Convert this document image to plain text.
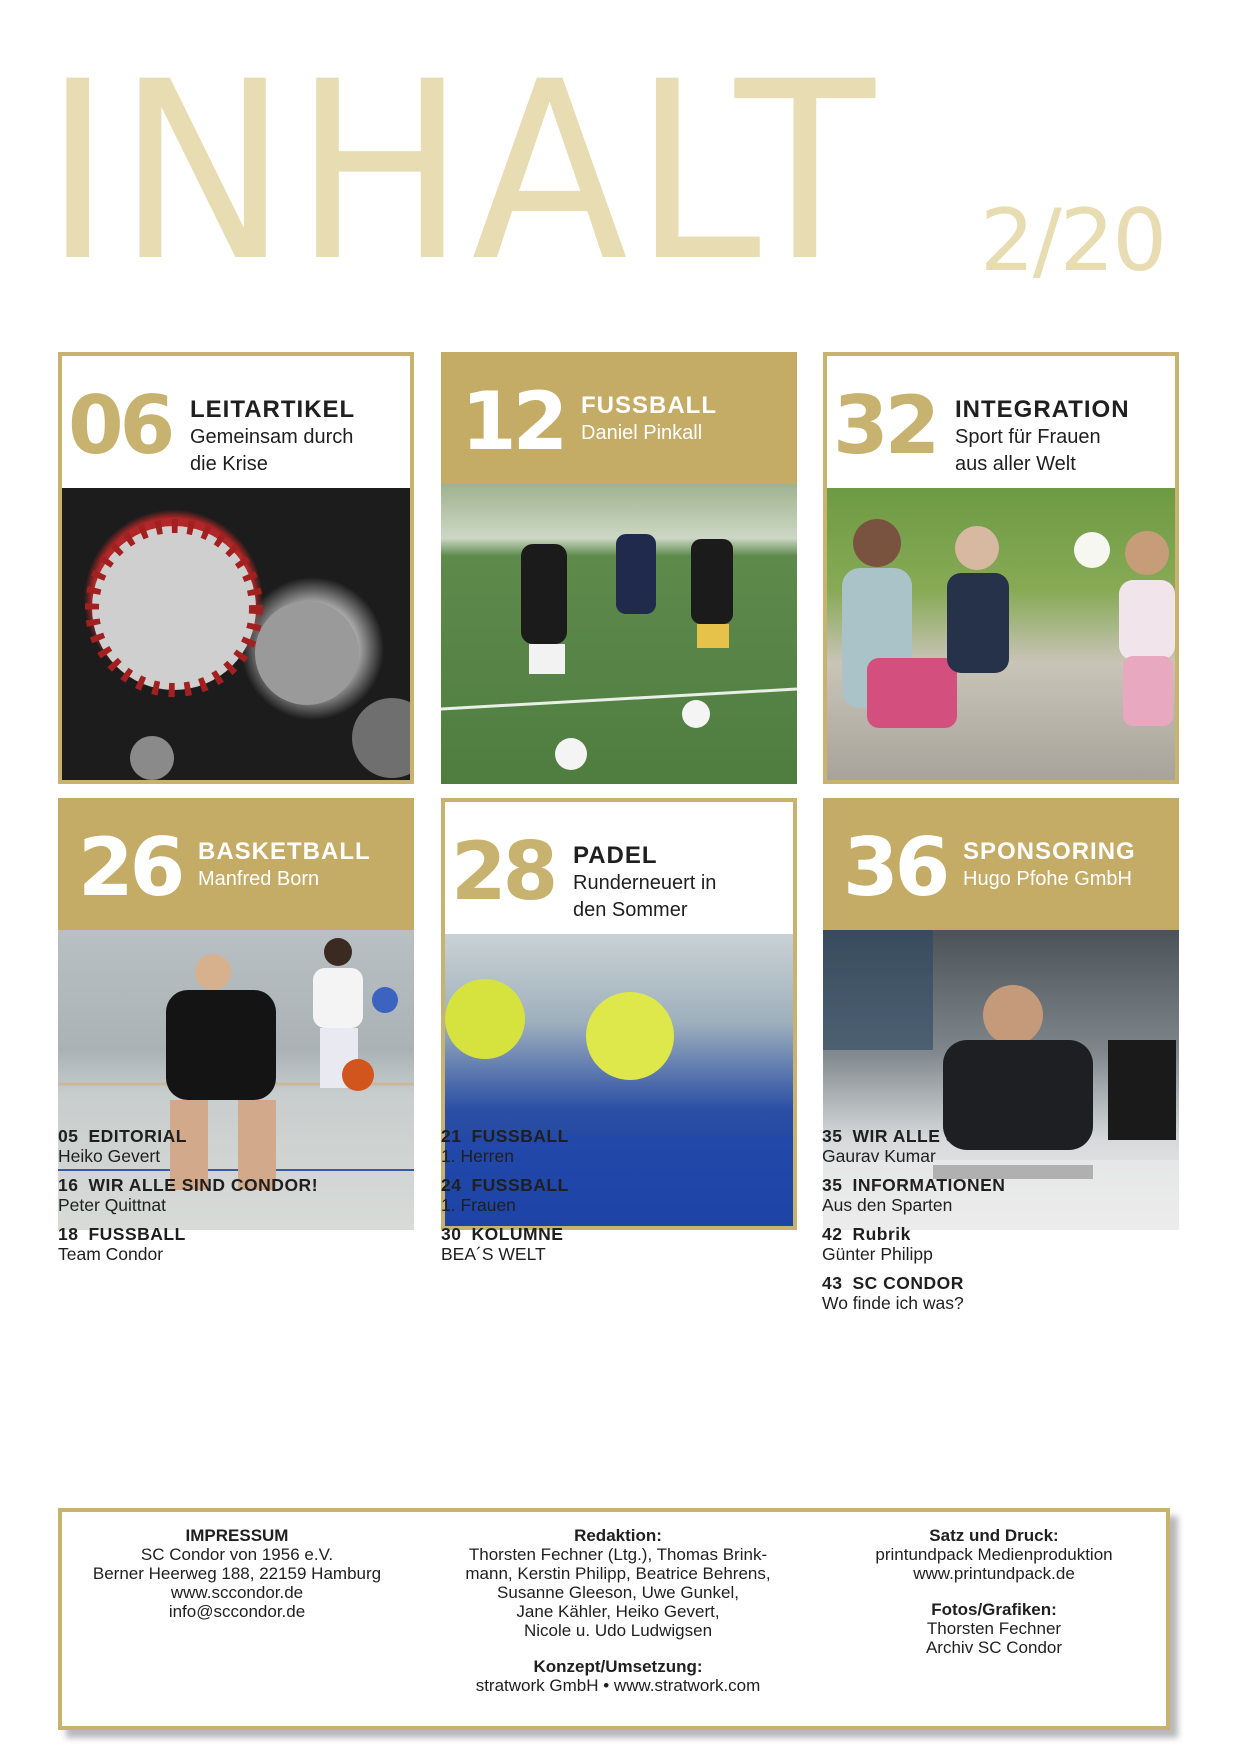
INHALT 2/20
06 LEITARTIKEL
Gemeinsam durch
die Krise	12 FUSSBALL
Daniel Pinkall	32 INTEGRATION
Sport für Frauen
aus aller Welt
26 BASKETBALL
Manfred Born	28 PADEL
Runderneuert in
den Sommer	36 SPONSORING
Hugo Pfohe GmbH
05 EDITORIAL
Heiko Gevert
16 WIR ALLE SIND CONDOR!
Peter Quittnat
18 FUSSBALL
Team Condor
21 FUSSBALL
1. Herren
24 FUSSBALL
1. Frauen
30 KOLUMNE
BEA´S WELT
35 WIR ALLE SIND CONDOR!
Gaurav Kumar
35 INFORMATIONEN
Aus den Sparten
42 Rubrik
Günter Philipp
43 SC CONDOR
Wo finde ich was?
IMPRESSUM
SC Condor von 1956 e.V.
Berner Heerweg 188, 22159 Hamburg
www.sccondor.de
info@sccondor.de
Redaktion:
Thorsten Fechner (Ltg.), Thomas Brink-
mann, Kerstin Philipp, Beatrice Behrens,
Susanne Gleeson, Uwe Gunkel,
Jane Kähler, Heiko Gevert,
Nicole u. Udo Ludwigsen
Konzept/Umsetzung:
stratwork GmbH • www.stratwork.com
Satz und Druck:
printundpack Medienproduktion
www.printundpack.de
Fotos/Grafiken:
Thorsten Fechner
Archiv SC Condor
